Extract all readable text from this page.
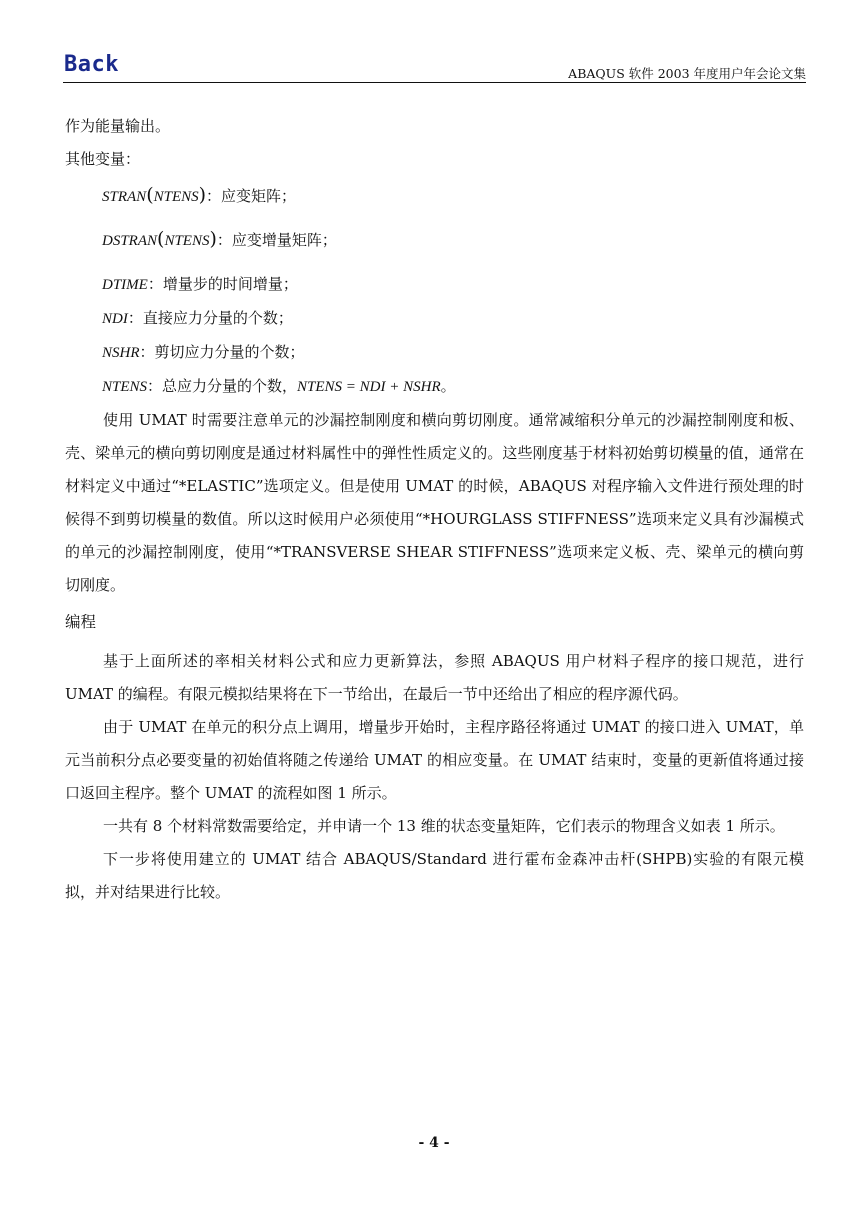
Back	ABAQUS 软件 2003 年度用户年会论文集

作为能量输出。

其他变量：

STRAN(NTENS)：应变矩阵；

DSTRAN(NTENS)：应变增量矩阵；

DTIME：增量步的时间增量；

NDI：直接应力分量的个数；

NSHR：剪切应力分量的个数；

NTENS：总应力分量的个数，NTENS = NDI + NSHR。

使用 UMAT 时需要注意单元的沙漏控制刚度和横向剪切刚度。通常减缩积分单元的沙漏控制刚度和板、壳、梁单元的横向剪切刚度是通过材料属性中的弹性性质定义的。这些刚度基于材料初始剪切模量的值，通常在材料定义中通过“*ELASTIC”选项定义。但是使用 UMAT 的时候，ABAQUS 对程序输入文件进行预处理的时候得不到剪切模量的数值。所以这时候用户必须使用“*HOURGLASS STIFFNESS”选项来定义具有沙漏模式的单元的沙漏控制刚度，使用“*TRANSVERSE SHEAR STIFFNESS”选项来定义板、壳、梁单元的横向剪切刚度。

编程

基于上面所述的率相关材料公式和应力更新算法，参照 ABAQUS 用户材料子程序的接口规范，进行 UMAT 的编程。有限元模拟结果将在下一节给出，在最后一节中还给出了相应的程序源代码。

由于 UMAT 在单元的积分点上调用，增量步开始时，主程序路径将通过 UMAT 的接口进入 UMAT，单元当前积分点必要变量的初始值将随之传递给 UMAT 的相应变量。在 UMAT 结束时，变量的更新值将通过接口返回主程序。整个 UMAT 的流程如图 1 所示。

一共有 8 个材料常数需要给定，并申请一个 13 维的状态变量矩阵，它们表示的物理含义如表 1 所示。

下一步将使用建立的 UMAT 结合 ABAQUS/Standard 进行霍布金森冲击杆(SHPB)实验的有限元模拟，并对结果进行比较。

- 4 -
